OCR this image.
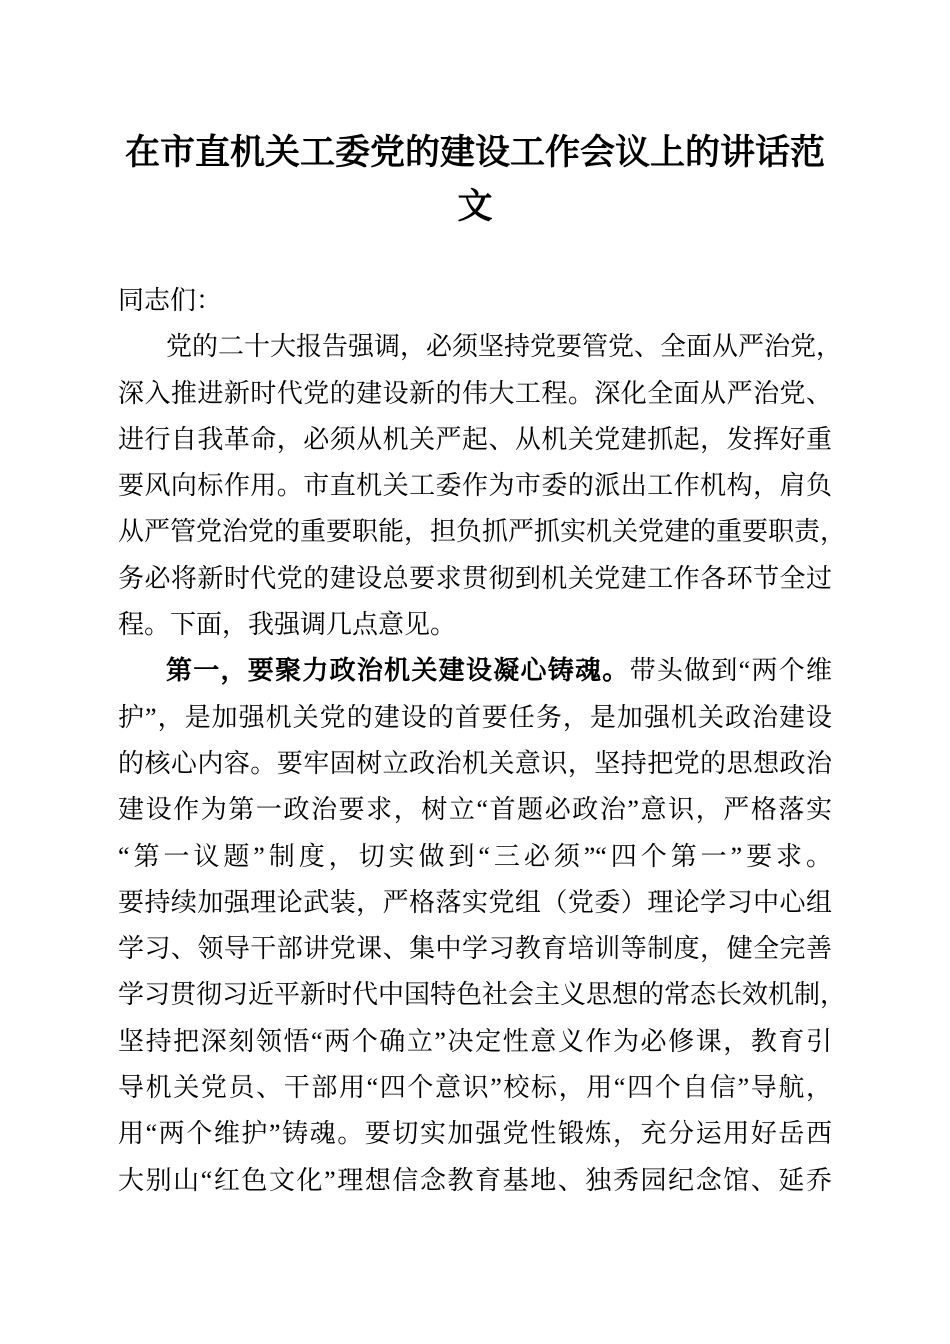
在市直机关工委党的建设工作会议上的讲话范文
同志们：
党的二十大报告强调，必须坚持党要管党、全面从严治党，
深入推进新时代党的建设新的伟大工程。深化全面从严治党、
进行自我革命，必须从机关严起、从机关党建抓起，发挥好重
要风向标作用。市直机关工委作为市委的派出工作机构，肩负
从严管党治党的重要职能，担负抓严抓实机关党建的重要职责，
务必将新时代党的建设总要求贯彻到机关党建工作各环节全过
程。下面，我强调几点意见。
第一，要聚力政治机关建设凝心铸魂。带头做到“两个维
护”，是加强机关党的建设的首要任务，是加强机关政治建设
的核心内容。要牢固树立政治机关意识，坚持把党的思想政治
建设作为第一政治要求，树立“首题必政治”意识，严格落实
“第一议题”制度，切实做到“三必须”“四个第一”要求。
要持续加强理论武装，严格落实党组（党委）理论学习中心组
学习、领导干部讲党课、集中学习教育培训等制度，健全完善
学习贯彻习近平新时代中国特色社会主义思想的常态长效机制，
坚持把深刻领悟“两个确立”决定性意义作为必修课，教育引
导机关党员、干部用“四个意识”校标，用“四个自信”导航，
用“两个维护”铸魂。要切实加强党性锻炼，充分运用好岳西
大别山“红色文化”理想信念教育基地、独秀园纪念馆、延乔
